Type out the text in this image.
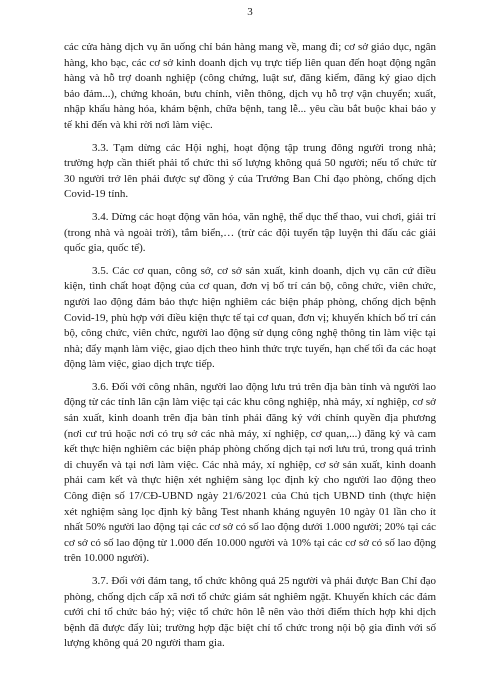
3

các cửa hàng dịch vụ ăn uống chỉ bán hàng mang về, mang đi; cơ sở giáo dục, ngân hàng, kho bạc, các cơ sở kinh doanh dịch vụ trực tiếp liên quan đến hoạt động ngân hàng và hỗ trợ doanh nghiệp (công chứng, luật sư, đăng kiểm, đăng ký giao dịch bảo đảm...), chứng khoán, bưu chính, viễn thông, dịch vụ hỗ trợ vận chuyển; xuất, nhập khẩu hàng hóa, khám bệnh, chữa bệnh, tang lễ... yêu cầu bắt buộc khai báo y tế khi đến và khi rời nơi làm việc.

3.3. Tạm dừng các Hội nghị, hoạt động tập trung đông người trong nhà; trường hợp cần thiết phải tổ chức thì số lượng không quá 50 người; nếu tổ chức từ 30 người trở lên phải được sự đồng ý của Trưởng Ban Chỉ đạo phòng, chống dịch Covid-19 tỉnh.

3.4. Dừng các hoạt động văn hóa, văn nghệ, thể dục thể thao, vui chơi, giải trí (trong nhà và ngoài trời), tắm biển,… (trừ các đội tuyển tập luyện thi đấu các giải quốc gia, quốc tế).

3.5. Các cơ quan, công sở, cơ sở sản xuất, kinh doanh, dịch vụ căn cứ điều kiện, tình chất hoạt động của cơ quan, đơn vị bố trí cán bộ, công chức, viên chức, người lao động đảm bảo thực hiện nghiêm các biện pháp phòng, chống dịch bệnh Covid-19, phù hợp với điều kiện thực tế tại cơ quan, đơn vị; khuyến khích bố trí cán bộ, công chức, viên chức, người lao động sử dụng công nghệ thông tin làm việc tại nhà; đẩy mạnh làm việc, giao dịch theo hình thức trực tuyến, hạn chế tối đa các hoạt động làm việc, giao dịch trực tiếp.

3.6. Đối với công nhân, người lao động lưu trú trên địa bàn tỉnh và người lao động từ các tỉnh lân cận làm việc tại các khu công nghiệp, nhà máy, xí nghiệp, cơ sở sản xuất, kinh doanh trên địa bàn tỉnh phải đăng ký với chính quyền địa phương (nơi cư trú hoặc nơi có trụ sở các nhà máy, xí nghiệp, cơ quan,...) đăng ký và cam kết thực hiện nghiêm các biện pháp phòng chống dịch tại nơi lưu trú, trong quá trình di chuyển và tại nơi làm việc. Các nhà máy, xí nghiệp, cơ sở sản xuất, kinh doanh phải cam kết và thực hiện xét nghiệm sàng lọc định kỳ cho người lao động theo Công điện số 17/CĐ-UBND ngày 21/6/2021 của Chủ tịch UBND tỉnh (thực hiện xét nghiệm sàng lọc định kỳ bằng Test nhanh kháng nguyên 10 ngày 01 lần cho ít nhất 50% người lao động tại các cơ sở có số lao động dưới 1.000 người; 20% tại các cơ sở có số lao động từ 1.000 đến 10.000 người và 10% tại các cơ sở có số lao động trên 10.000 người).

3.7. Đối với đám tang, tổ chức không quá 25 người và phải được Ban Chỉ đạo phòng, chống dịch cấp xã nơi tổ chức giám sát nghiêm ngặt. Khuyến khích các đám cưới chỉ tổ chức báo hỷ; việc tổ chức hôn lễ nên vào thời điểm thích hợp khi dịch bệnh đã được đẩy lùi; trường hợp đặc biệt chỉ tổ chức trong nội bộ gia đình với số lượng không quá 20 người tham gia.
